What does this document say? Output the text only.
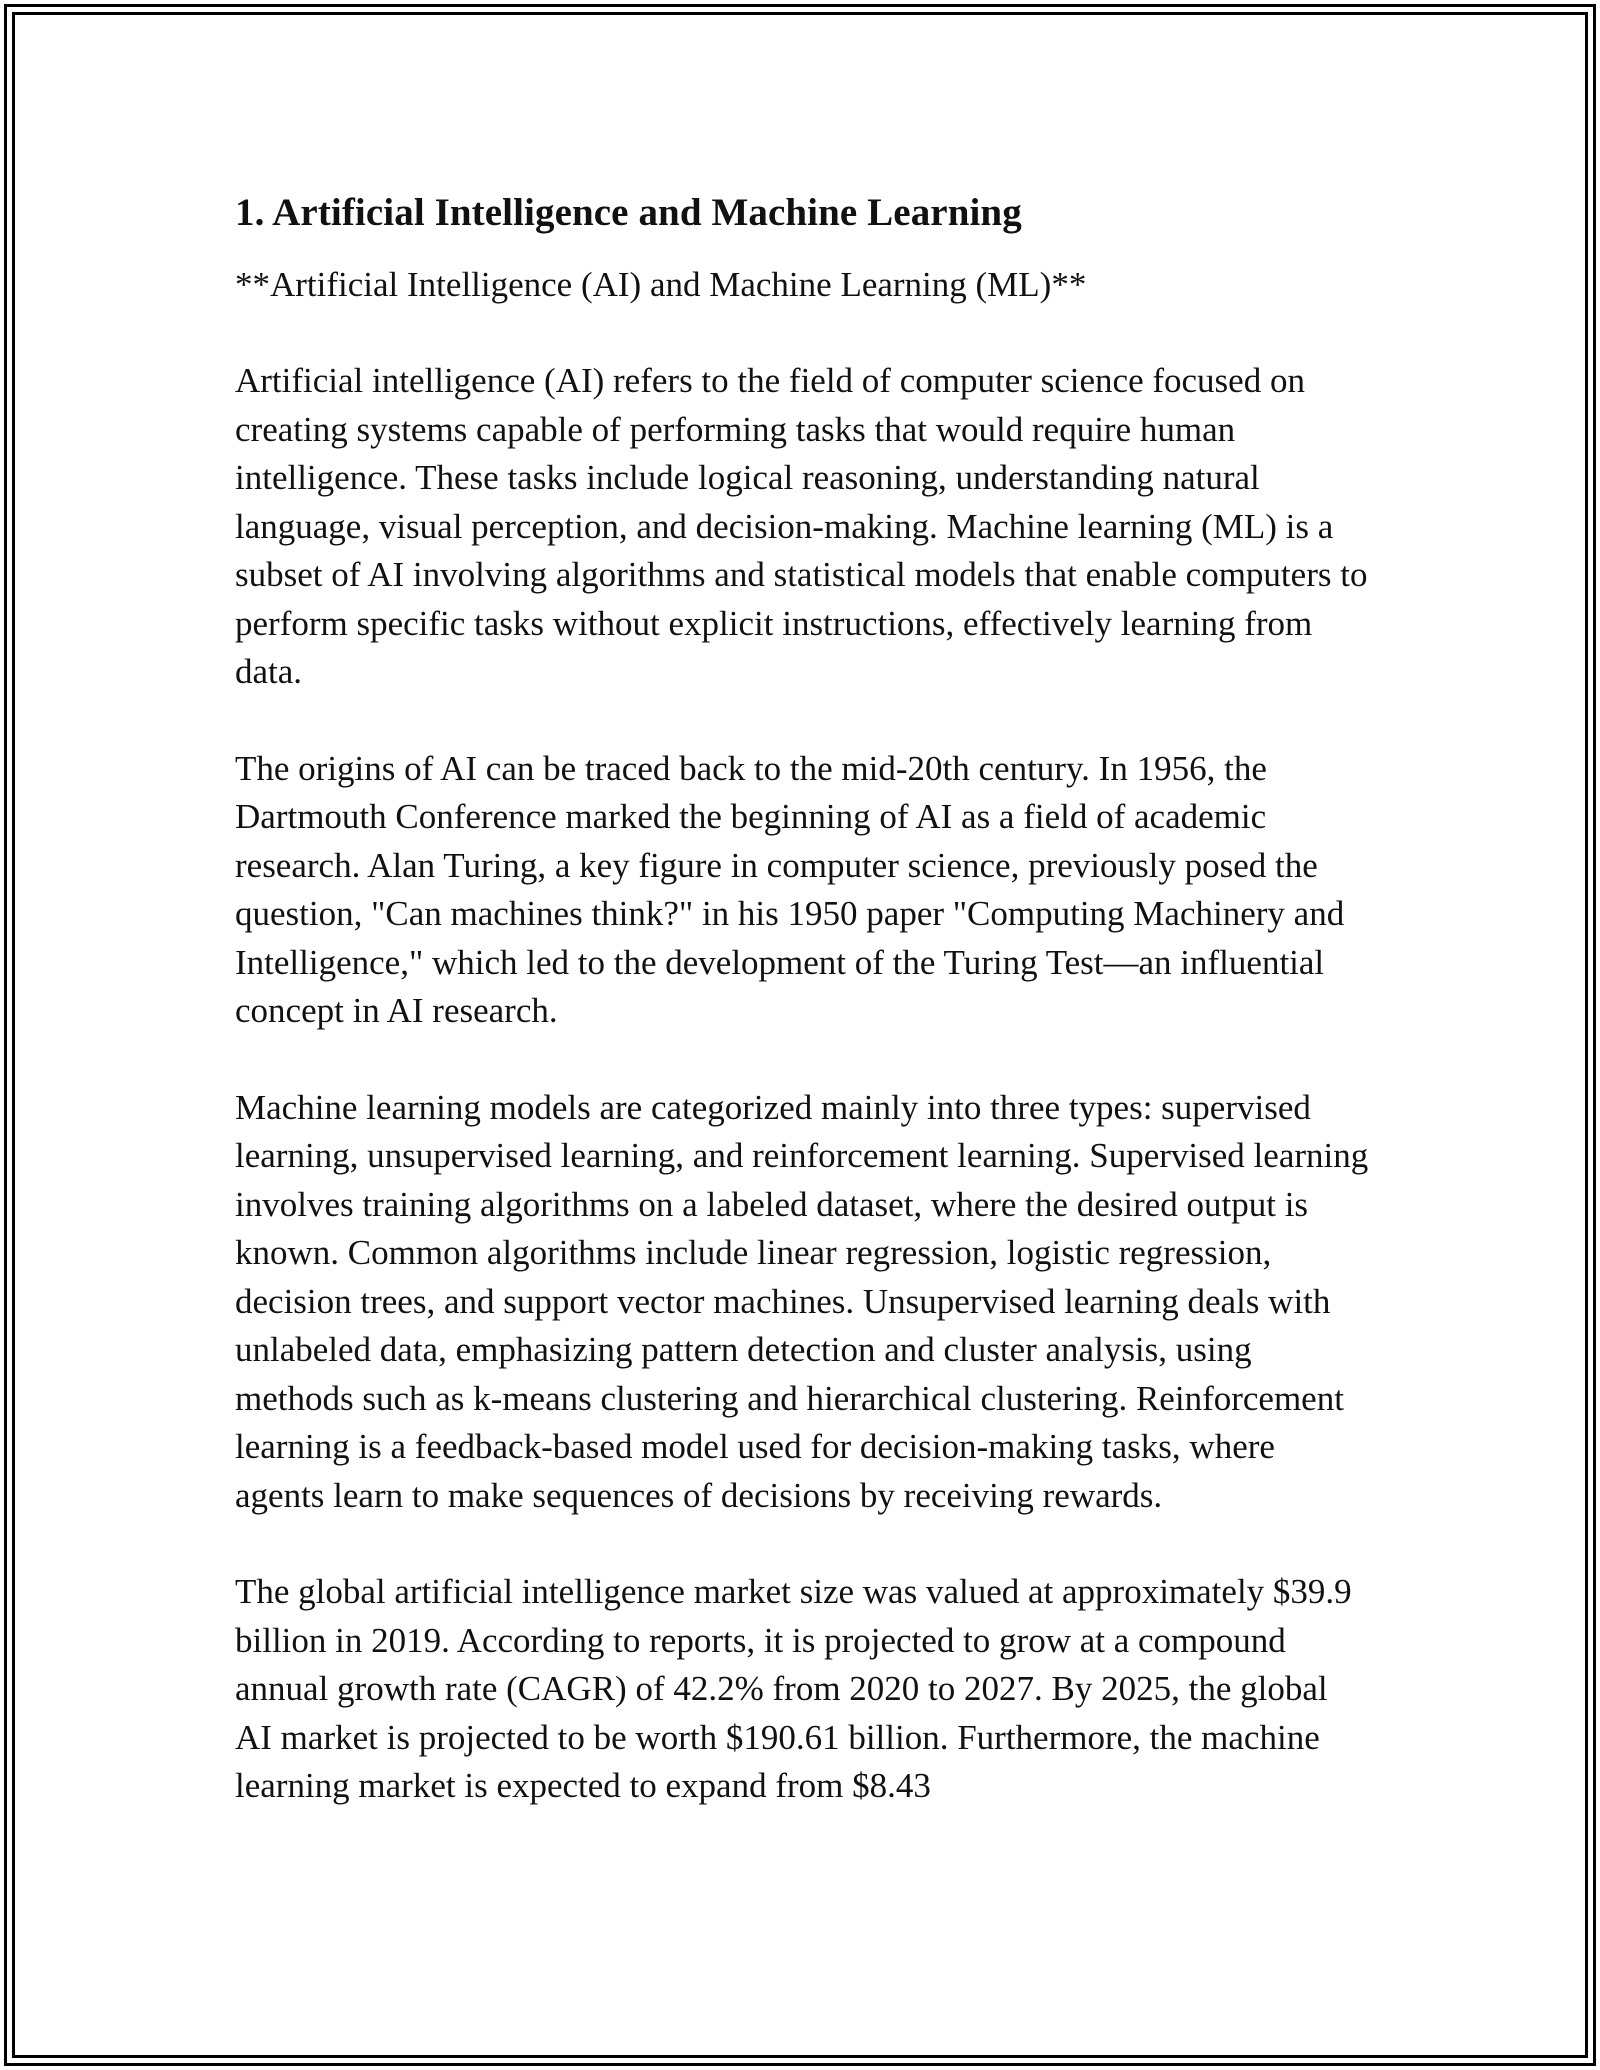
1. Artificial Intelligence and Machine Learning

**Artificial Intelligence (AI) and Machine Learning (ML)**

Artificial intelligence (AI) refers to the field of computer science focused on creating systems capable of performing tasks that would require human intelligence. These tasks include logical reasoning, understanding natural language, visual perception, and decision-making. Machine learning (ML) is a subset of AI involving algorithms and statistical models that enable computers to perform specific tasks without explicit instructions, effectively learning from data.

The origins of AI can be traced back to the mid-20th century. In 1956, the Dartmouth Conference marked the beginning of AI as a field of academic research. Alan Turing, a key figure in computer science, previously posed the question, "Can machines think?" in his 1950 paper "Computing Machinery and Intelligence," which led to the development of the Turing Test—an influential concept in AI research.

Machine learning models are categorized mainly into three types: supervised learning, unsupervised learning, and reinforcement learning. Supervised learning involves training algorithms on a labeled dataset, where the desired output is known. Common algorithms include linear regression, logistic regression, decision trees, and support vector machines. Unsupervised learning deals with unlabeled data, emphasizing pattern detection and cluster analysis, using methods such as k-means clustering and hierarchical clustering. Reinforcement learning is a feedback-based model used for decision-making tasks, where agents learn to make sequences of decisions by receiving rewards.

The global artificial intelligence market size was valued at approximately $39.9 billion in 2019. According to reports, it is projected to grow at a compound annual growth rate (CAGR) of 42.2% from 2020 to 2027. By 2025, the global AI market is projected to be worth $190.61 billion. Furthermore, the machine learning market is expected to expand from $8.43
